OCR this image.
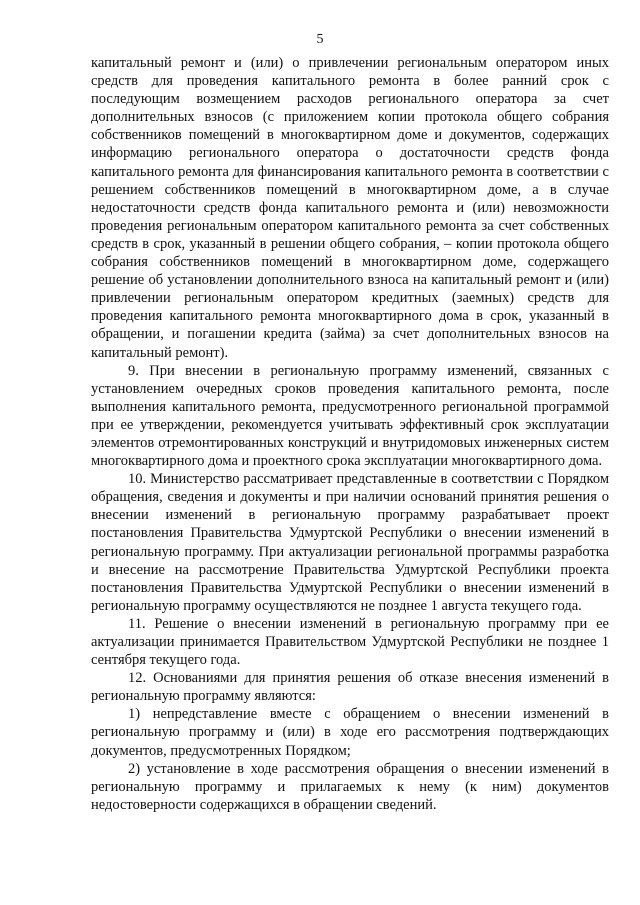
5

капитальный ремонт и (или) о привлечении региональным оператором иных средств для проведения капитального ремонта в более ранний срок с последующим возмещением расходов регионального оператора за счет дополнительных взносов (с приложением копии протокола общего собрания собственников помещений в многоквартирном доме и документов, содержащих информацию регионального оператора о достаточности средств фонда капитального ремонта для финансирования капитального ремонта в соответствии с решением собственников помещений в многоквартирном доме, а в случае недостаточности средств фонда капитального ремонта и (или) невозможности проведения региональным оператором капитального ремонта за счет собственных средств в срок, указанный в решении общего собрания, – копии протокола общего собрания собственников помещений в многоквартирном доме, содержащего решение об установлении дополнительного взноса на капитальный ремонт и (или) привлечении региональным оператором кредитных (заемных) средств для проведения капитального ремонта многоквартирного дома в срок, указанный в обращении, и погашении кредита (займа) за счет дополнительных взносов на капитальный ремонт).

9. При внесении в региональную программу изменений, связанных с установлением очередных сроков проведения капитального ремонта, после выполнения капитального ремонта, предусмотренного региональной программой при ее утверждении, рекомендуется учитывать эффективный срок эксплуатации элементов отремонтированных конструкций и внутридомовых инженерных систем многоквартирного дома и проектного срока эксплуатации многоквартирного дома.

10. Министерство рассматривает представленные в соответствии с Порядком обращения, сведения и документы и при наличии оснований принятия решения о внесении изменений в региональную программу разрабатывает проект постановления Правительства Удмуртской Республики о внесении изменений в региональную программу. При актуализации региональной программы разработка и внесение на рассмотрение Правительства Удмуртской Республики проекта постановления Правительства Удмуртской Республики о внесении изменений в региональную программу осуществляются не позднее 1 августа текущего года.

11. Решение о внесении изменений в региональную программу при ее актуализации принимается Правительством Удмуртской Республики не позднее 1 сентября текущего года.

12. Основаниями для принятия решения об отказе внесения изменений в региональную программу являются:

1) непредставление вместе с обращением о внесении изменений в региональную программу и (или) в ходе его рассмотрения подтверждающих документов, предусмотренных Порядком;

2) установление в ходе рассмотрения обращения о внесении изменений в региональную программу и прилагаемых к нему (к ним) документов недостоверности содержащихся в обращении сведений.
